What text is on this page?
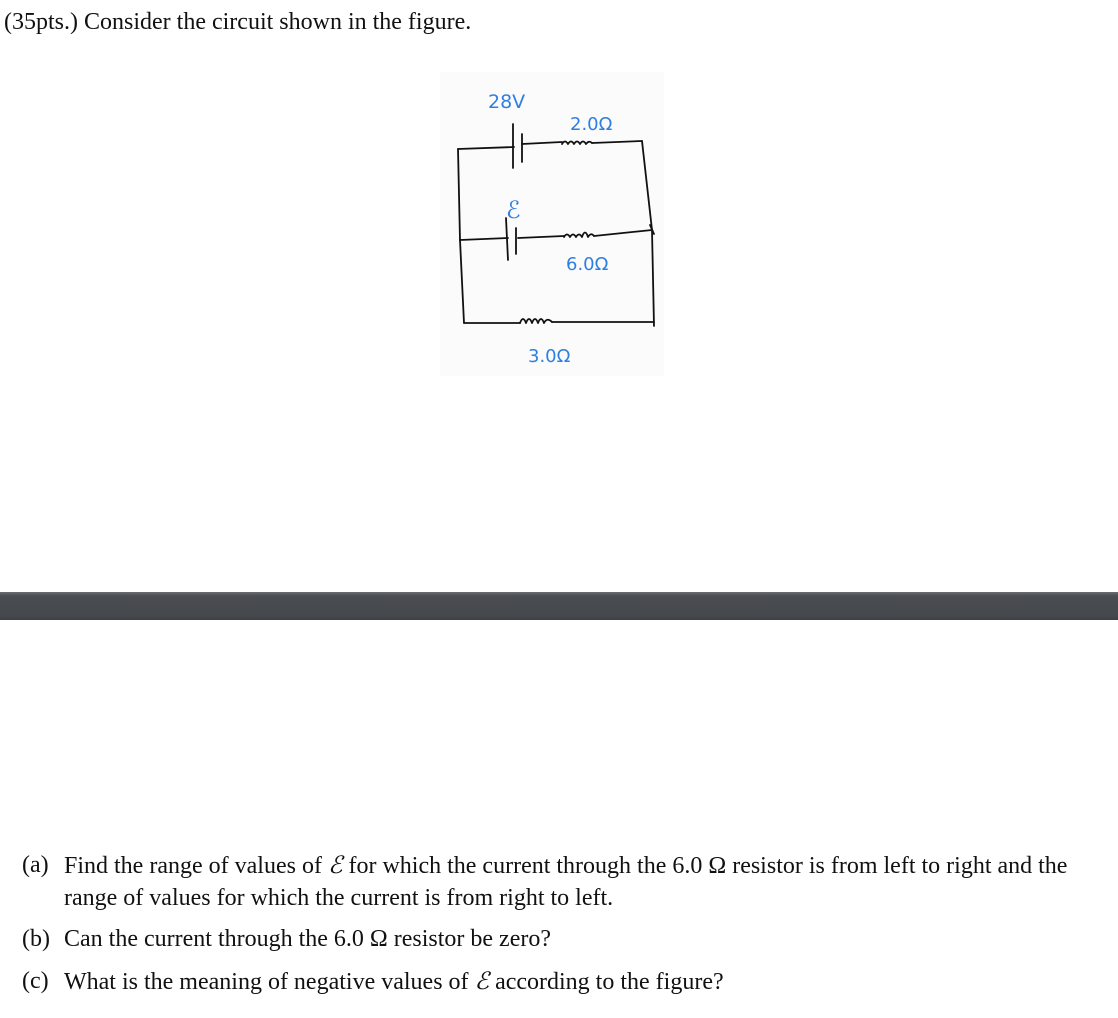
(35pts.) Consider the circuit shown in the figure.
28V
2.0Ω
ℰ
6.0Ω
3.0Ω
(a) Find the range of values of ℰ for which the current through the 6.0 Ω resistor is from left to right and the range of values for which the current is from right to left.
(b) Can the current through the 6.0 Ω resistor be zero?
(c) What is the meaning of negative values of ℰ according to the figure?
